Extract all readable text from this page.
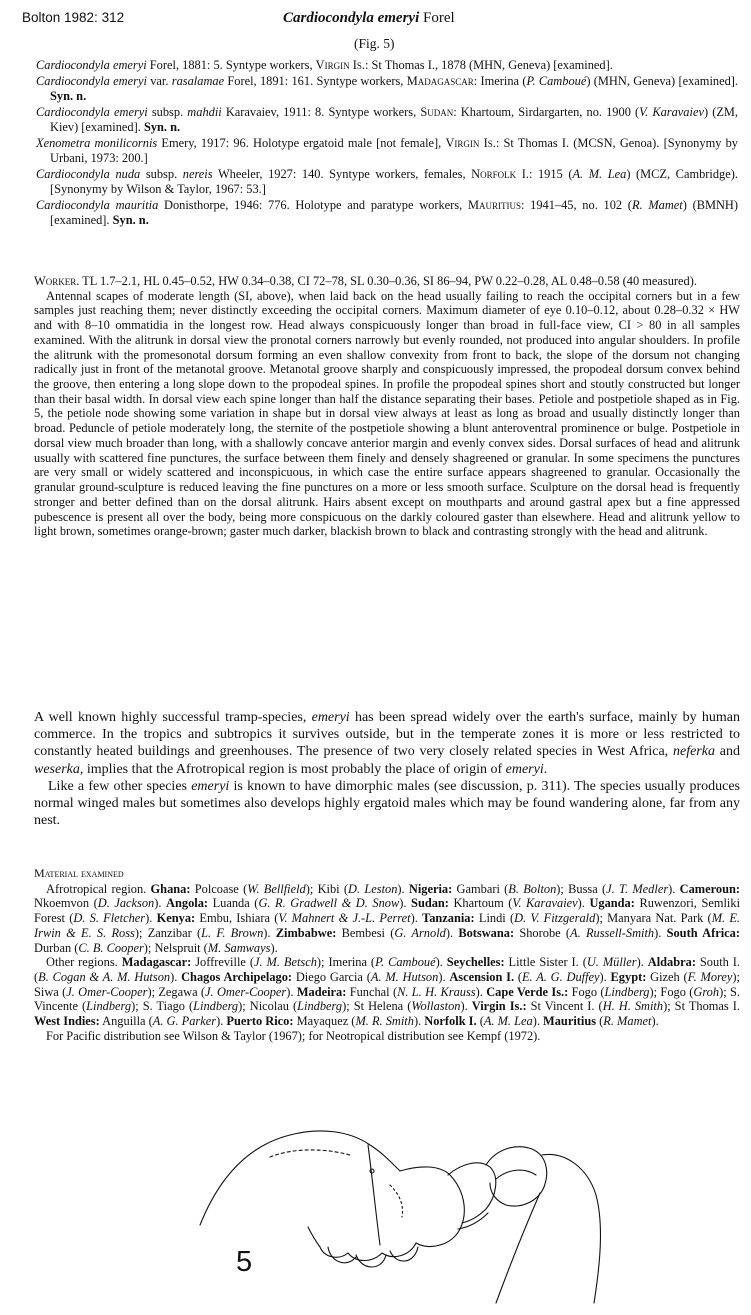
Bolton 1982: 312	Cardiocondyla emeryi Forel
(Fig. 5)

Cardiocondyla emeryi Forel, 1881: 5. Syntype workers, Virgin Is.: St Thomas I., 1878 (MHN, Geneva) [examined].

Cardiocondyla emeryi var. rasalamae Forel, 1891: 161. Syntype workers, Madagascar: Imerina (P. Camboué) (MHN, Geneva) [examined]. Syn. n.

Cardiocondyla emeryi subsp. mahdii Karavaiev, 1911: 8. Syntype workers, Sudan: Khartoum, Sirdargarten, no. 1900 (V. Karavaiev) (ZM, Kiev) [examined]. Syn. n.

Xenometra monilicornis Emery, 1917: 96. Holotype ergatoid male [not female], Virgin Is.: St Thomas I. (MCSN, Genoa). [Synonymy by Urbani, 1973: 200.]

Cardiocondyla nuda subsp. nereis Wheeler, 1927: 140. Syntype workers, females, Norfolk I.: 1915 (A. M. Lea) (MCZ, Cambridge). [Synonymy by Wilson & Taylor, 1967: 53.]

Cardiocondyla mauritia Donisthorpe, 1946: 776. Holotype and paratype workers, Mauritius: 1941–45, no. 102 (R. Mamet) (BMNH) [examined]. Syn. n.

Worker. TL 1.7–2.1, HL 0.45–0.52, HW 0.34–0.38, CI 72–78, SL 0.30–0.36, SI 86–94, PW 0.22–0.28, AL 0.48–0.58 (40 measured).

Antennal scapes of moderate length (SI, above), when laid back on the head usually failing to reach the occipital corners but in a few samples just reaching them; never distinctly exceeding the occipital corners. Maximum diameter of eye 0.10–0.12, about 0.28–0.32 × HW and with 8–10 ommatidia in the longest row. Head always conspicuously longer than broad in full-face view, CI > 80 in all samples examined. With the alitrunk in dorsal view the pronotal corners narrowly but evenly rounded, not produced into angular shoulders. In profile the alitrunk with the promesonotal dorsum forming an even shallow convexity from front to back, the slope of the dorsum not changing radically just in front of the metanotal groove. Metanotal groove sharply and conspicuously impressed, the propodeal dorsum convex behind the groove, then entering a long slope down to the propodeal spines. In profile the propodeal spines short and stoutly constructed but longer than their basal width. In dorsal view each spine longer than half the distance separating their bases. Petiole and postpetiole shaped as in Fig. 5, the petiole node showing some variation in shape but in dorsal view always at least as long as broad and usually distinctly longer than broad. Peduncle of petiole moderately long, the sternite of the postpetiole showing a blunt anteroventral prominence or bulge. Postpetiole in dorsal view much broader than long, with a shallowly concave anterior margin and evenly convex sides. Dorsal surfaces of head and alitrunk usually with scattered fine punctures, the surface between them finely and densely shagreened or granular. In some specimens the punctures are very small or widely scattered and inconspicuous, in which case the entire surface appears shagreened to granular. Occasionally the granular ground-sculpture is reduced leaving the fine punctures on a more or less smooth surface. Sculpture on the dorsal head is frequently stronger and better defined than on the dorsal alitrunk. Hairs absent except on mouthparts and around gastral apex but a fine appressed pubescence is present all over the body, being more conspicuous on the darkly coloured gaster than elsewhere. Head and alitrunk yellow to light brown, sometimes orange-brown; gaster much darker, blackish brown to black and contrasting strongly with the head and alitrunk.

A well known highly successful tramp-species, emeryi has been spread widely over the earth's surface, mainly by human commerce. In the tropics and subtropics it survives outside, but in the temperate zones it is more or less restricted to constantly heated buildings and greenhouses. The presence of two very closely related species in West Africa, neferka and weserka, implies that the Afrotropical region is most probably the place of origin of emeryi.

Like a few other species emeryi is known to have dimorphic males (see discussion, p. 311). The species usually produces normal winged males but sometimes also develops highly ergatoid males which may be found wandering alone, far from any nest.

Material examined

Afrotropical region. Ghana: Polcoase (W. Bellfield); Kibi (D. Leston). Nigeria: Gambari (B. Bolton); Bussa (J. T. Medler). Cameroun: Nkoemvon (D. Jackson). Angola: Luanda (G. R. Gradwell & D. Snow). Sudan: Khartoum (V. Karavaiev). Uganda: Ruwenzori, Semliki Forest (D. S. Fletcher). Kenya: Embu, Ishiara (V. Mahnert & J.-L. Perret). Tanzania: Lindi (D. V. Fitzgerald); Manyara Nat. Park (M. E. Irwin & E. S. Ross); Zanzibar (L. F. Brown). Zimbabwe: Bembesi (G. Arnold). Botswana: Shorobe (A. Russell-Smith). South Africa: Durban (C. B. Cooper); Nelspruit (M. Samways).

Other regions. Madagascar: Joffreville (J. M. Betsch); Imerina (P. Camboué). Seychelles: Little Sister I. (U. Müller). Aldabra: South I. (B. Cogan & A. M. Hutson). Chagos Archipelago: Diego Garcia (A. M. Hutson). Ascension I. (E. A. G. Duffey). Egypt: Gizeh (F. Morey); Siwa (J. Omer-Cooper); Zegawa (J. Omer-Cooper). Madeira: Funchal (N. L. H. Krauss). Cape Verde Is.: Fogo (Lindberg); Fogo (Groh); S. Vincente (Lindberg); S. Tiago (Lindberg); Nicolau (Lindberg); St Helena (Wollaston). Virgin Is.: St Vincent I. (H. H. Smith); St Thomas I. West Indies: Anguilla (A. G. Parker). Puerto Rico: Mayaquez (M. R. Smith). Norfolk I. (A. M. Lea). Mauritius (R. Mamet).

For Pacific distribution see Wilson & Taylor (1967); for Neotropical distribution see Kempf (1972).

5
